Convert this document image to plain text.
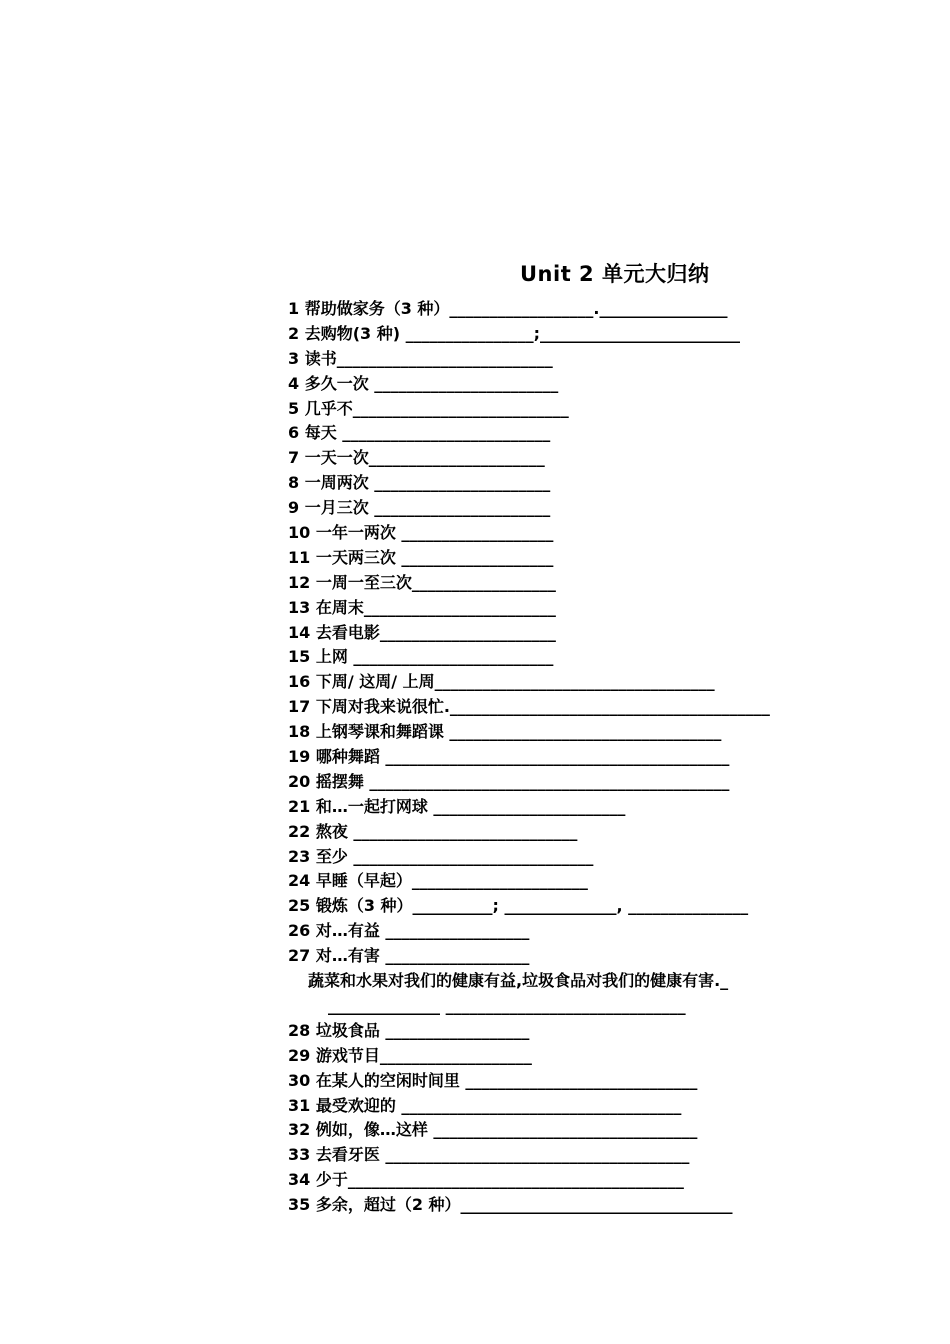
Unit 2 单元大归纳
1 帮助做家务（3 种）__________________.________________
2 去购物(3 种) ________________;_________________________
3 读书___________________________
4 多久一次 _______________________
5 几乎不___________________________
6 每天 __________________________
7 一天一次______________________
8 一周两次 ______________________
9 一月三次 ______________________
10 一年一两次 ___________________
11 一天两三次 ___________________
12 一周一至三次__________________
13 在周末________________________
14 去看电影______________________
15 上网 _________________________
16 下周/ 这周/ 上周___________________________________
17 下周对我来说很忙.________________________________________
18 上钢琴课和舞蹈课 __________________________________
19 哪种舞蹈 ___________________________________________
20 摇摆舞 _____________________________________________
21 和…一起打网球 ________________________
22 熬夜 ____________________________
23 至少 ______________________________
24 早睡（早起）______________________
25 锻炼（3 种）__________; ______________, _______________
26 对…有益 __________________
27 对…有害 __________________
蔬菜和水果对我们的健康有益,垃圾食品对我们的健康有害._
______________ ______________________________
28 垃圾食品 __________________
29 游戏节目___________________
30 在某人的空闲时间里 _____________________________
31 最受欢迎的 ___________________________________
32 例如，像…这样 _________________________________
33 去看牙医 ______________________________________
34 少于__________________________________________
35 多余，超过（2 种）__________________________________
